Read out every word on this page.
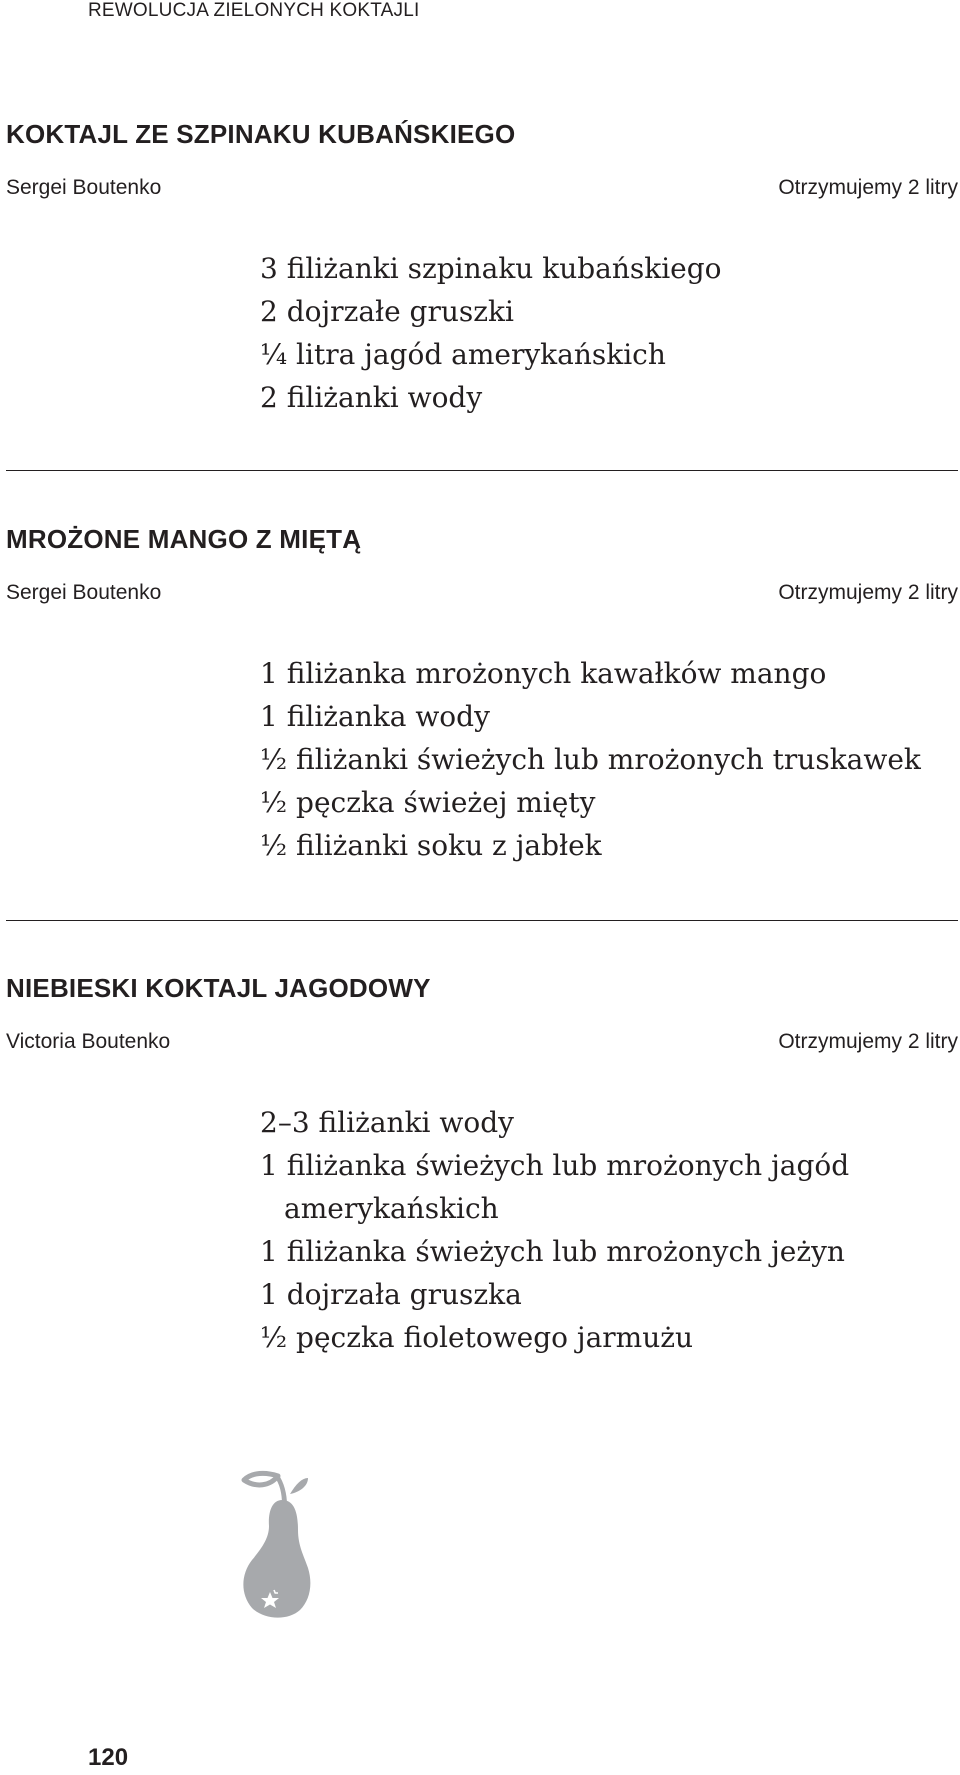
REWOLUCJA ZIELONYCH KOKTAJLI
KOKTAJL ZE SZPINAKU KUBAŃSKIEGO
Sergei Boutenko	Otrzymujemy 2 litry
3 filiżanki szpinaku kubańskiego
2 dojrzałe gruszki
¼ litra jagód amerykańskich
2 filiżanki wody
MROŻONE MANGO Z MIĘTĄ
Sergei Boutenko	Otrzymujemy 2 litry
1 filiżanka mrożonych kawałków mango
1 filiżanka wody
½ filiżanki świeżych lub mrożonych truskawek
½ pęczka świeżej mięty
½ filiżanki soku z jabłek
NIEBIESKI KOKTAJL JAGODOWY
Victoria Boutenko	Otrzymujemy 2 litry
2–3 filiżanki wody
1 filiżanka świeżych lub mrożonych jagód
amerykańskich
1 filiżanka świeżych lub mrożonych jeżyn
1 dojrzała gruszka
½ pęczka fioletowego jarmużu
120
